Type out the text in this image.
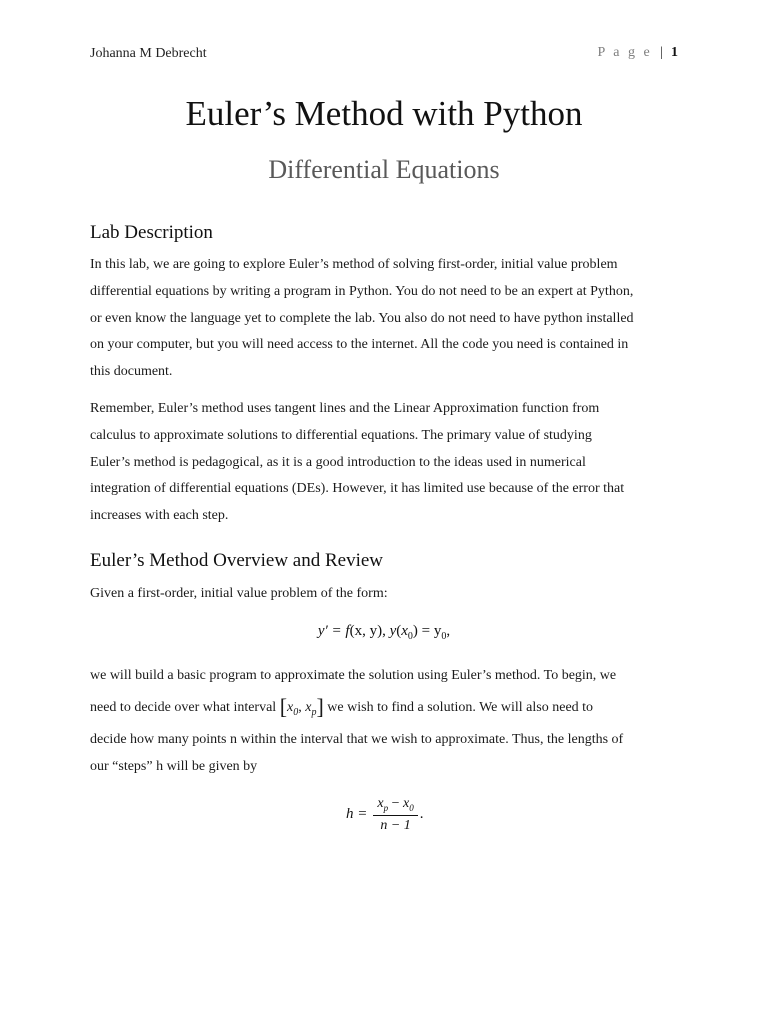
Johanna M Debrecht	P a g e | 1
Euler’s Method with Python
Differential Equations
Lab Description

In this lab, we are going to explore Euler’s method of solving first-order, initial value problem
differential equations by writing a program in Python. You do not need to be an expert at Python,
or even know the language yet to complete the lab. You also do not need to have python installed
on your computer, but you will need access to the internet. All the code you need is contained in
this document.

Remember, Euler’s method uses tangent lines and the Linear Approximation function from
calculus to approximate solutions to differential equations. The primary value of studying
Euler’s method is pedagogical, as it is a good introduction to the ideas used in numerical
integration of differential equations (DEs). However, it has limited use because of the error that
increases with each step.

Euler’s Method Overview and Review

Given a first-order, initial value problem of the form:

y′ = f(x, y), $y(x_0) = y_0$,

we will build a basic program to approximate the solution using Euler’s method. To begin, we

need to decide over what interval [$x_0$, $x_p$] we wish to find a solution. We will also need to

decide how many points n within the interval that we wish to approximate. Thus, the lengths of
our “steps” h will be given by

$h = \frac{x_p - x_0}{n - 1}$ .
